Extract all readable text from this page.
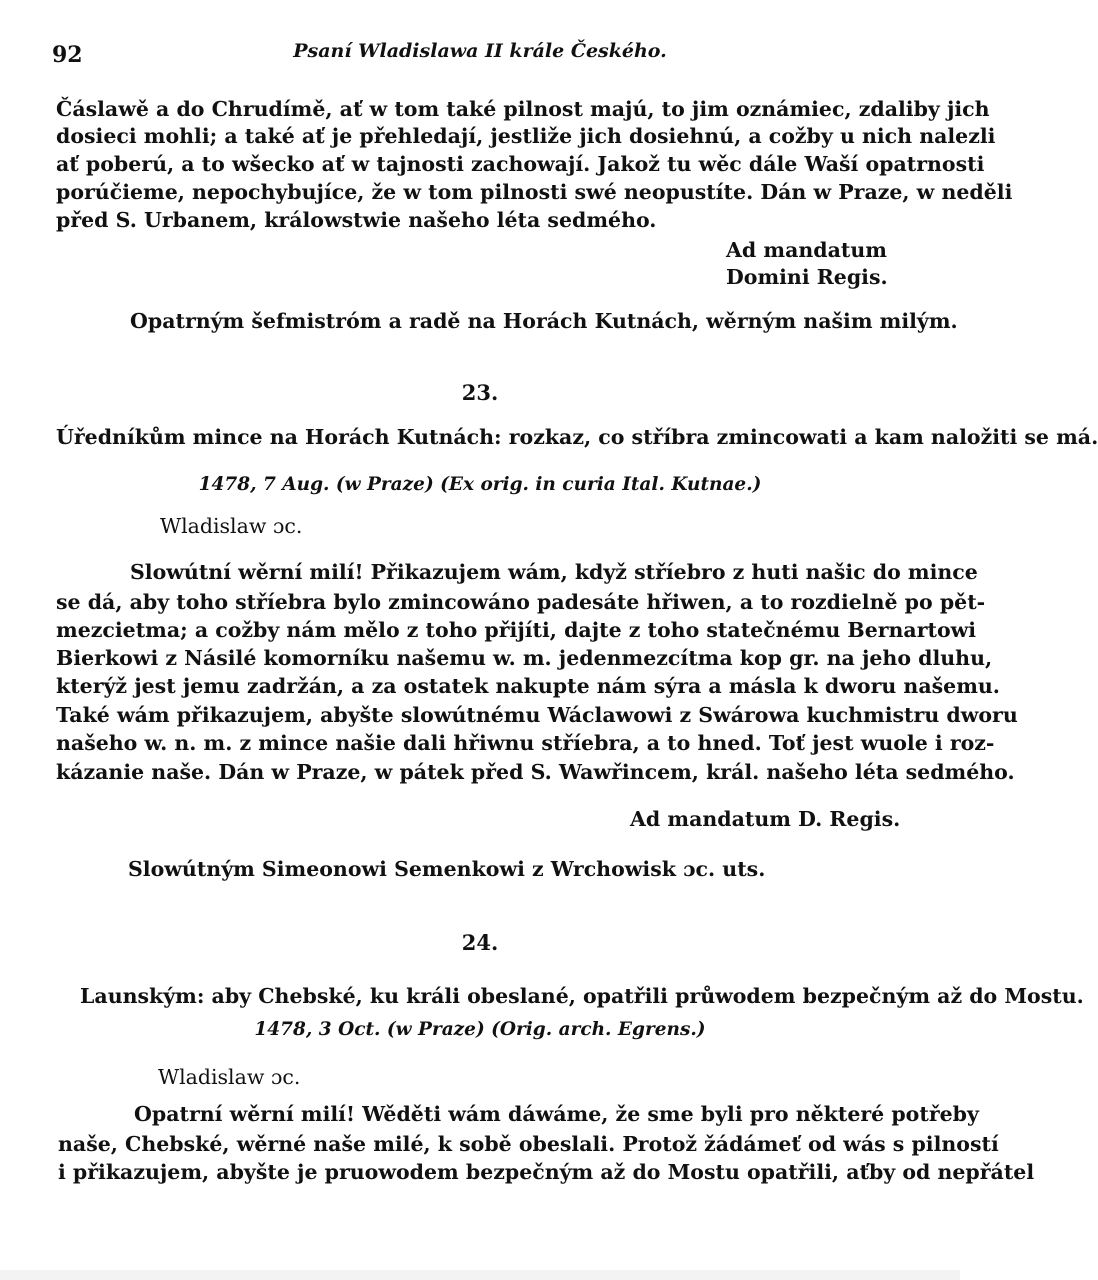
92	Psaní Wladislawa II krále Českého.
Čáslawě a do Chrudímě, ať w tom také pilnost majú, to jim oznámiec, zdaliby jich
dosieci mohli; a také ať je přehledají, jestliže jich dosiehnú, a cožby u nich nalezli
ať poberú, a to wšecko ať w tajnosti zachowají. Jakož tu wěc dále Waší opatrnosti
porúčieme, nepochybujíce, že w tom pilnosti swé neopustíte. Dán w Praze, w neděli
před S. Urbanem, králowstwie našeho léta sedmého.
Ad mandatum
Domini Regis.
Opatrným šefmistróm a radě na Horách Kutnách, wěrným našim milým.
23.
Úředníkům mince na Horách Kutnách: rozkaz, co stříbra zmincowati a kam naložiti se má.
1478, 7 Aug. (w Praze) (Ex orig. in curia Ital. Kutnae.)
Wladislaw ɔc.
Slowútní wěrní milí! Přikazujem wám, když stříebro z huti našic do mince
se dá, aby toho stříebra bylo zmincowáno padesáte hřiwen, a to rozdielně po pět-
mezcietma; a cožby nám mělo z toho přijíti, dajte z toho statečnému Bernartowi
Bierkowi z Násilé komorníku našemu w. m. jedenmezcítma kop gr. na jeho dluhu,
kterýž jest jemu zadržán, a za ostatek nakupte nám sýra a másla k dworu našemu.
Také wám přikazujem, abyšte slowútnému Wáclawowi z Swárowa kuchmistru dworu
našeho w. n. m. z mince našie dali hřiwnu stříebra, a to hned. Toť jest wuole i roz-
kázanie naše. Dán w Praze, w pátek před S. Wawřincem, král. našeho léta sedmého.
Ad mandatum D. Regis.
Slowútným Simeonowi Semenkowi z Wrchowisk ɔc. uts.
24.
Launským: aby Chebské, ku králi obeslané, opatřili průwodem bezpečným až do Mostu.
1478, 3 Oct. (w Praze) (Orig. arch. Egrens.)
Wladislaw ɔc.
Opatrní wěrní milí! Wěděti wám dáwáme, že sme byli pro některé potřeby
naše, Chebské, wěrné naše milé, k sobě obeslali. Protož žádámeť od wás s pilností
i přikazujem, abyšte je pruowodem bezpečným až do Mostu opatřili, aťby od nepřátel
